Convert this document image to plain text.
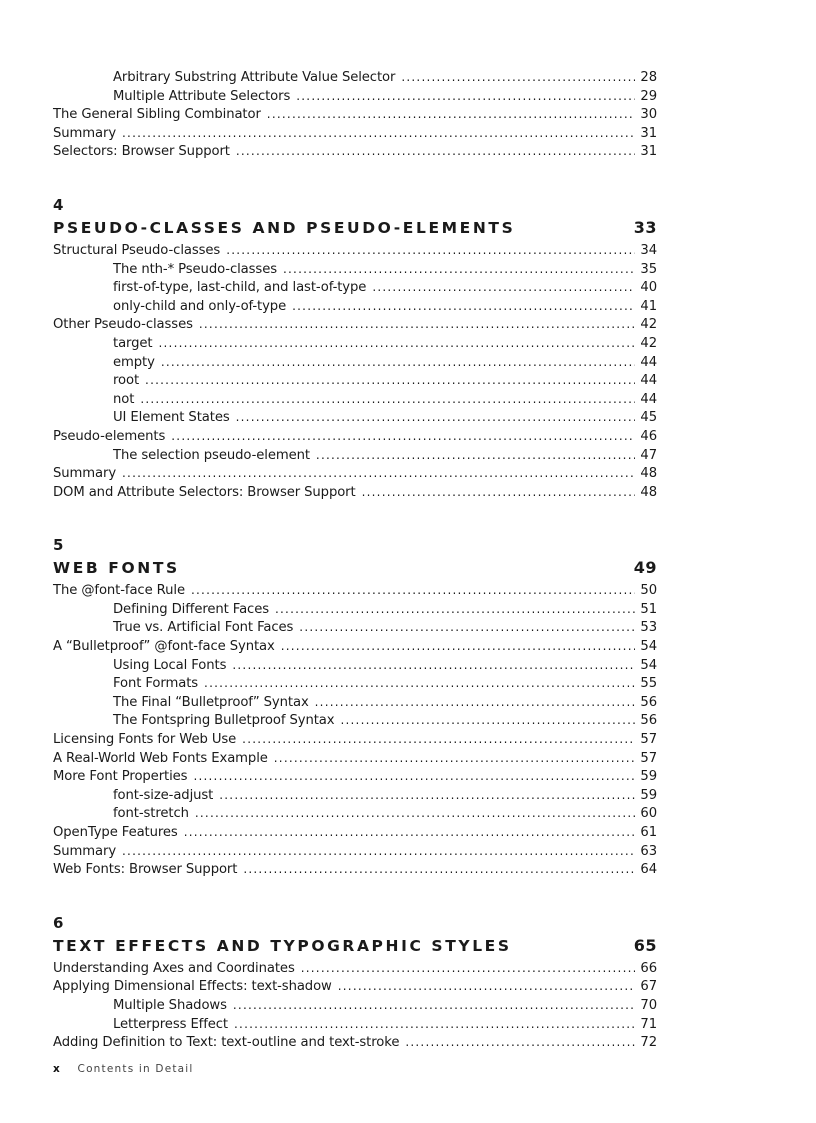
Arbitrary Substring Attribute Value Selector . . .	28
Multiple Attribute Selectors . . .	29
The General Sibling Combinator . . .	30
Summary . . .	31
Selectors: Browser Support . . .	31
4
PSEUDO-CLASSES AND PSEUDO-ELEMENTS	33
Structural Pseudo-classes . . .	34
The nth-* Pseudo-classes . . .	35
first-of-type, last-child, and last-of-type . . .	40
only-child and only-of-type . . .	41
Other Pseudo-classes . . .	42
target . . .	42
empty . . .	44
root . . .	44
not . . .	44
UI Element States . . .	45
Pseudo-elements . . .	46
The selection pseudo-element . . .	47
Summary . . .	48
DOM and Attribute Selectors: Browser Support . . .	48
5
WEB FONTS	49
The @font-face Rule . . .	50
Defining Different Faces . . .	51
True vs. Artificial Font Faces . . .	53
A “Bulletproof” @font-face Syntax . . .	54
Using Local Fonts . . .	54
Font Formats . . .	55
The Final “Bulletproof” Syntax . . .	56
The Fontspring Bulletproof Syntax . . .	56
Licensing Fonts for Web Use . . .	57
A Real-World Web Fonts Example . . .	57
More Font Properties . . .	59
font-size-adjust . . .	59
font-stretch . . .	60
OpenType Features . . .	61
Summary . . .	63
Web Fonts: Browser Support . . .	64
6
TEXT EFFECTS AND TYPOGRAPHIC STYLES	65
Understanding Axes and Coordinates . . .	66
Applying Dimensional Effects: text-shadow . . .	67
Multiple Shadows . . .	70
Letterpress Effect . . .	71
Adding Definition to Text: text-outline and text-stroke . . .	72
x Contents in Detail
